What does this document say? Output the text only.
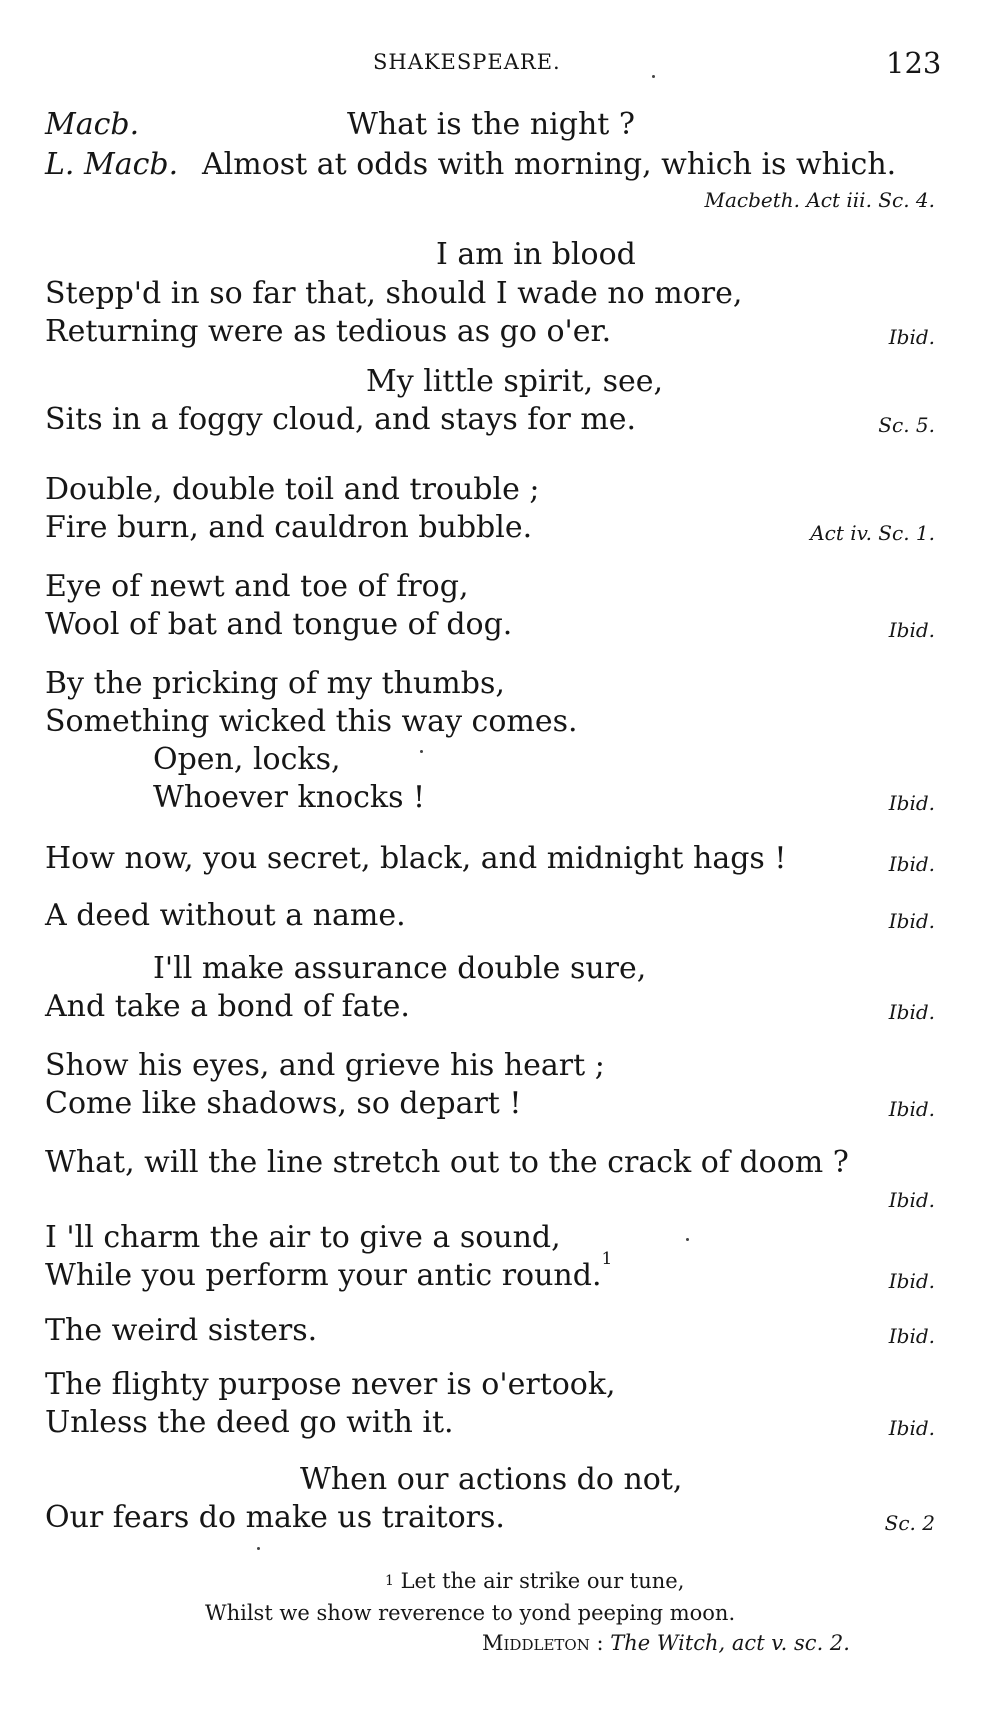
SHAKESPEARE.	123
Macb.	What is the night ?
L. Macb. Almost at odds with morning, which is which.
Macbeth. Act iii. Sc. 4.
I am in blood
Stepp'd in so far that, should I wade no more,
Returning were as tedious as go o'er.	Ibid.
My little spirit, see,
Sits in a foggy cloud, and stays for me.	Sc. 5.
Double, double toil and trouble ;
Fire burn, and cauldron bubble.	Act iv. Sc. 1.
Eye of newt and toe of frog,
Wool of bat and tongue of dog.	Ibid.
By the pricking of my thumbs,
Something wicked this way comes.
Open, locks,
Whoever knocks !	Ibid.
How now, you secret, black, and midnight hags !	Ibid.
A deed without a name.	Ibid.
I'll make assurance double sure,
And take a bond of fate.	Ibid.
Show his eyes, and grieve his heart ;
Come like shadows, so depart !	Ibid.
What, will the line stretch out to the crack of doom ?
Ibid.
I 'll charm the air to give a sound,
While you perform your antic round.$^1$
Ibid.
The weird sisters.	Ibid.
The flighty purpose never is o'ertook,
Unless the deed go with it.	Ibid.
When our actions do not,
Our fears do make us traitors.	Sc. 2
$^1$ Let the air strike our tune,
Whilst we show reverence to yond peeping moon.
Middleton : The Witch, act v. sc. 2.
